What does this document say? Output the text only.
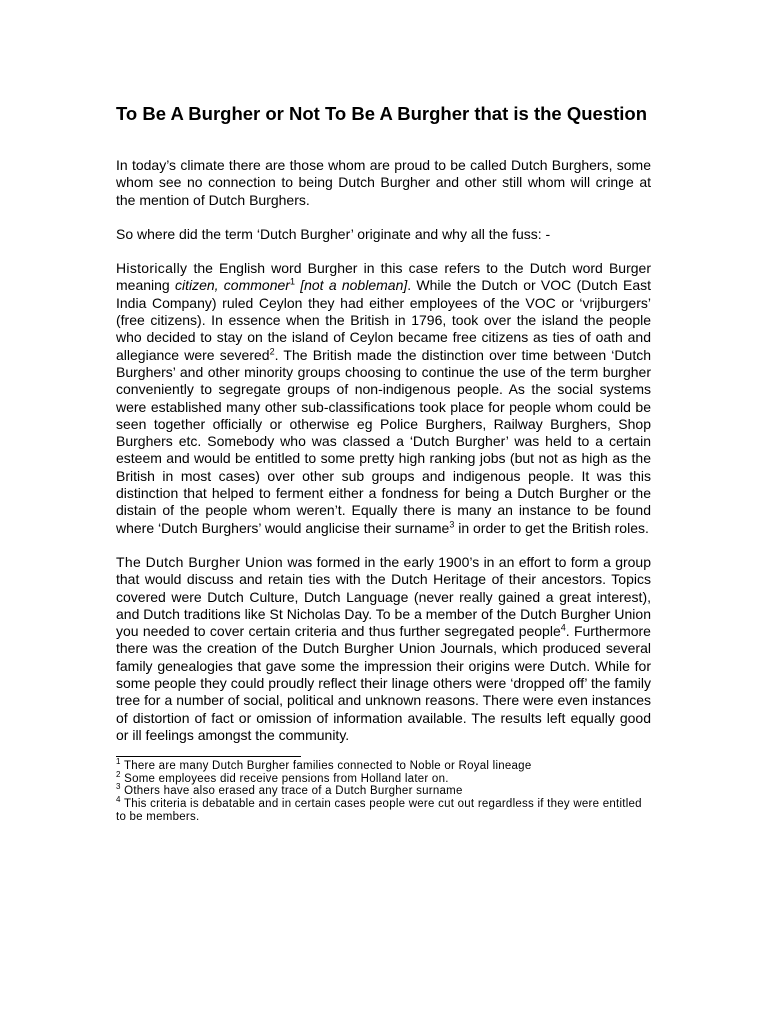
To Be A Burgher or Not To Be A Burgher that is the Question

In today’s climate there are those whom are proud to be called Dutch Burghers, some whom see no connection to being Dutch Burgher and other still whom will cringe at the mention of Dutch Burghers.

So where did the term ‘Dutch Burgher’ originate and why all the fuss: -

Historically the English word Burgher in this case refers to the Dutch word Burger meaning citizen, commoner$^1$ [not a nobleman]. While the Dutch or VOC (Dutch East India Company) ruled Ceylon they had either employees of the VOC or ‘vrijburgers’ (free citizens). In essence when the British in 1796, took over the island the people who decided to stay on the island of Ceylon became free citizens as ties of oath and allegiance were severed$^2$. The British made the distinction over time between ‘Dutch Burghers’ and other minority groups choosing to continue the use of the term burgher conveniently to segregate groups of non-indigenous people. As the social systems were established many other sub-classifications took place for people whom could be seen together officially or otherwise eg Police Burghers, Railway Burghers, Shop Burghers etc. Somebody who was classed a ‘Dutch Burgher’ was held to a certain esteem and would be entitled to some pretty high ranking jobs (but not as high as the British in most cases) over other sub groups and indigenous people. It was this distinction that helped to ferment either a fondness for being a Dutch Burgher or the distain of the people whom weren’t. Equally there is many an instance to be found where ‘Dutch Burghers’ would anglicise their surname$^3$ in order to get the British roles.

The Dutch Burgher Union was formed in the early 1900’s in an effort to form a group that would discuss and retain ties with the Dutch Heritage of their ancestors. Topics covered were Dutch Culture, Dutch Language (never really gained a great interest), and Dutch traditions like St Nicholas Day. To be a member of the Dutch Burgher Union you needed to cover certain criteria and thus further segregated people$^4$. Furthermore there was the creation of the Dutch Burgher Union Journals, which produced several family genealogies that gave some the impression their origins were Dutch. While for some people they could proudly reflect their linage others were ‘dropped off’ the family tree for a number of social, political and unknown reasons. There were even instances of distortion of fact or omission of information available. The results left equally good or ill feelings amongst the community.

$^1$ There are many Dutch Burgher families connected to Noble or Royal lineage

$^2$ Some employees did receive pensions from Holland later on.

$^3$ Others have also erased any trace of a Dutch Burgher surname

$^4$ This criteria is debatable and in certain cases people were cut out regardless if they were entitled to be members.
